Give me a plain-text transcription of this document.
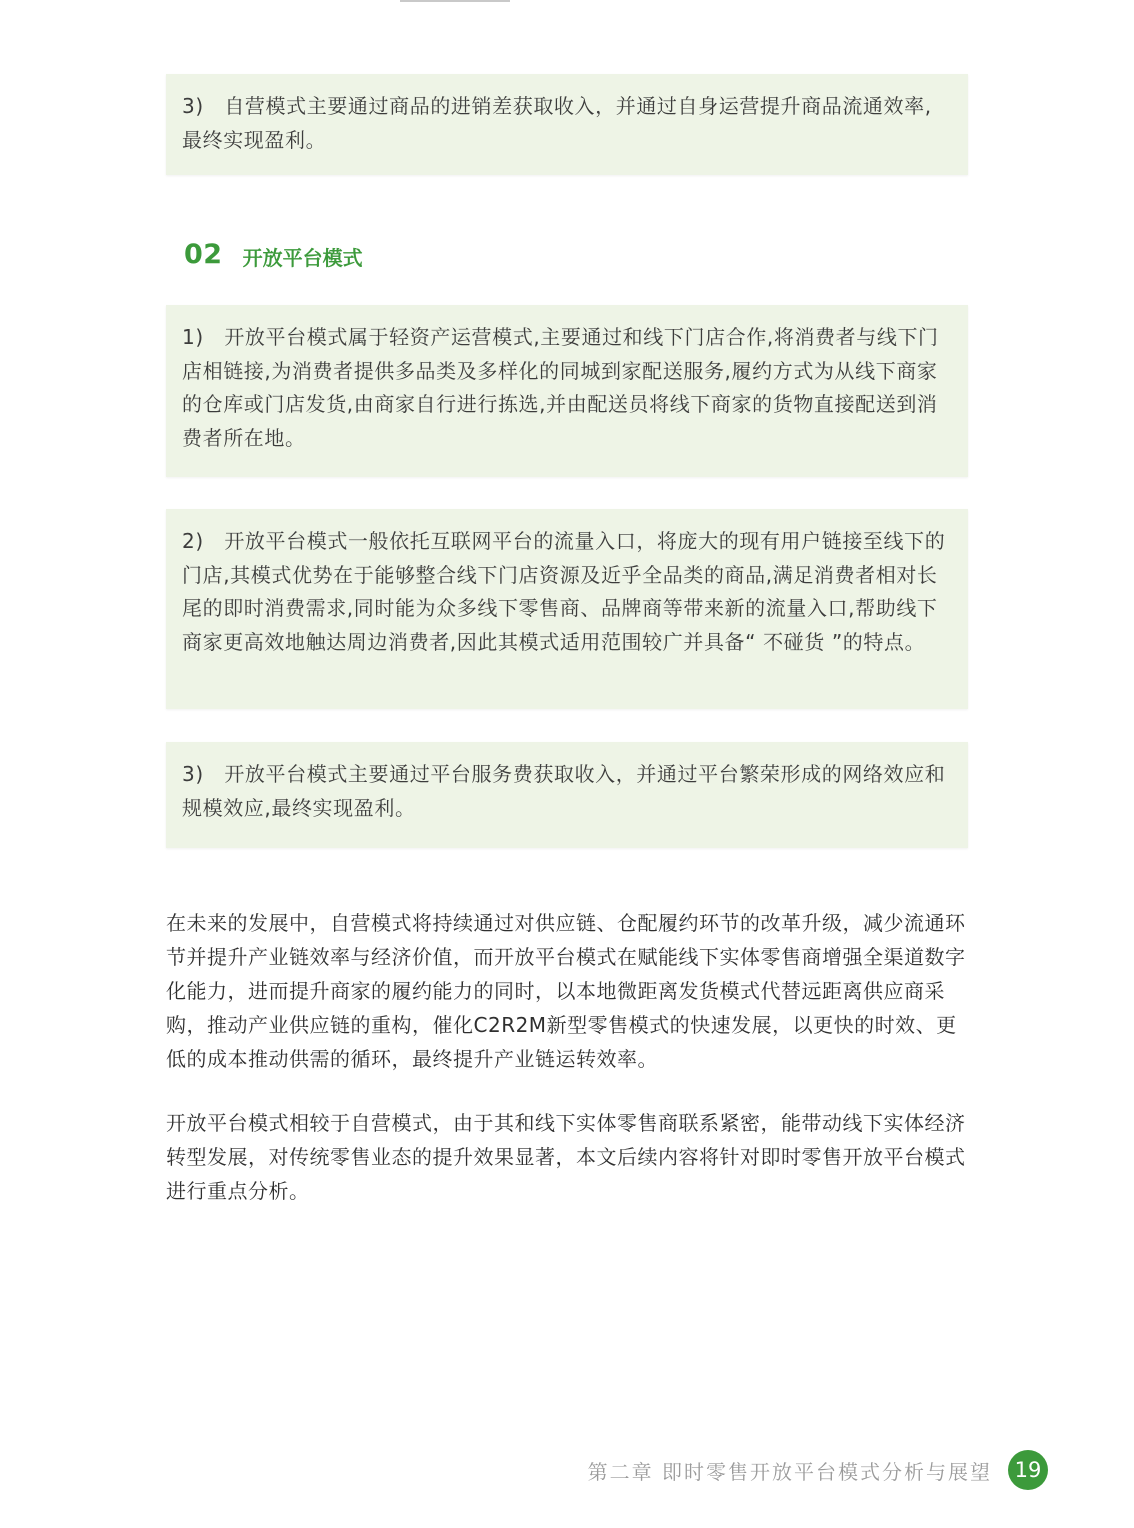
3)　自营模式主要通过商品的进销差获取收入，并通过自身运营提升商品流通效率,最终实现盈利。

02 开放平台模式

1)　开放平台模式属于轻资产运营模式,主要通过和线下门店合作,将消费者与线下门店相链接,为消费者提供多品类及多样化的同城到家配送服务,履约方式为从线下商家的仓库或门店发货,由商家自行进行拣选,并由配送员将线下商家的货物直接配送到消费者所在地。

2)　开放平台模式一般依托互联网平台的流量入口，将庞大的现有用户链接至线下的门店,其模式优势在于能够整合线下门店资源及近乎全品类的商品,满足消费者相对长尾的即时消费需求,同时能为众多线下零售商、品牌商等带来新的流量入口,帮助线下商家更高效地触达周边消费者,因此其模式适用范围较广并具备“ 不碰货 ”的特点。

3)　开放平台模式主要通过平台服务费获取收入，并通过平台繁荣形成的网络效应和规模效应,最终实现盈利。

在未来的发展中，自营模式将持续通过对供应链、仓配履约环节的改革升级，减少流通环节并提升产业链效率与经济价值，而开放平台模式在赋能线下实体零售商增强全渠道数字化能力，进而提升商家的履约能力的同时，以本地微距离发货模式代替远距离供应商采购，推动产业供应链的重构，催化C2R2M新型零售模式的快速发展，以更快的时效、更低的成本推动供需的循环，最终提升产业链运转效率。

开放平台模式相较于自营模式，由于其和线下实体零售商联系紧密，能带动线下实体经济转型发展，对传统零售业态的提升效果显著，本文后续内容将针对即时零售开放平台模式进行重点分析。

第二章 即时零售开放平台模式分析与展望	19
